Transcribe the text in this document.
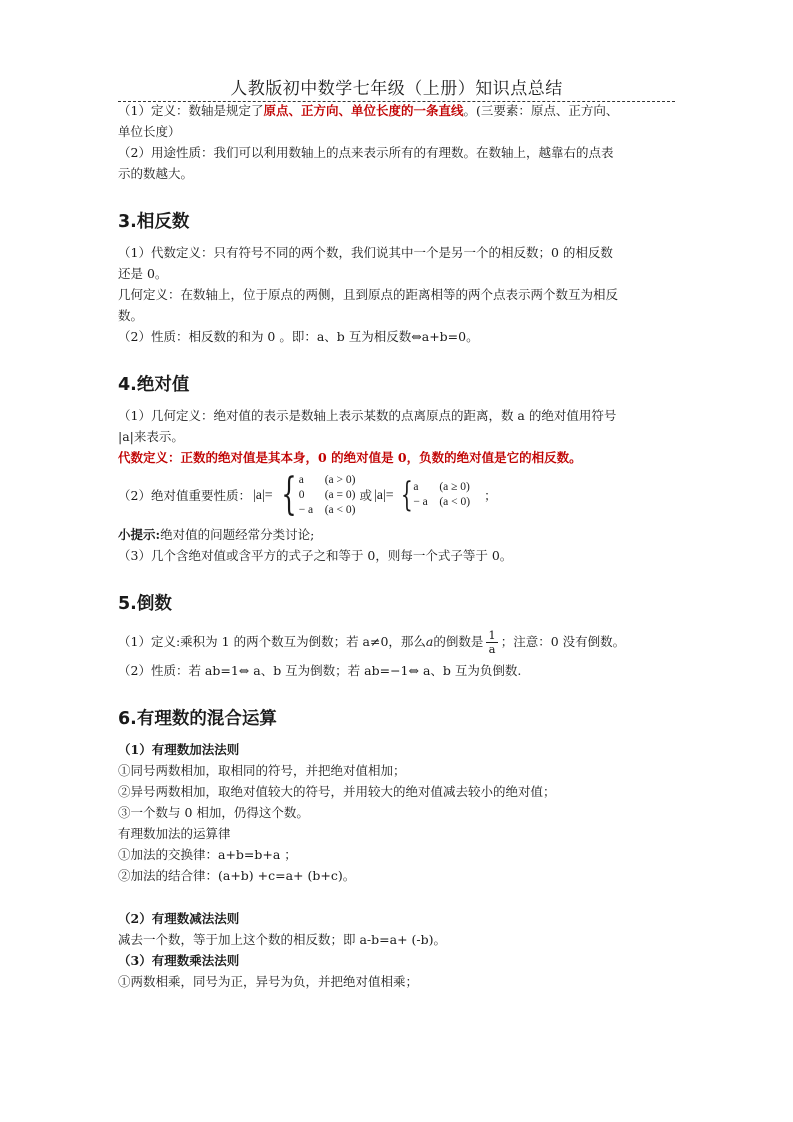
人教版初中数学七年级（上册）知识点总结

（1）定义：数轴是规定了原点、正方向、单位长度的一条直线。(三要素：原点、正方向、

单位长度）

（2）用途性质：我们可以利用数轴上的点来表示所有的有理数。在数轴上，越靠右的点表

示的数越大。

3.相反数

（1）代数定义：只有符号不同的两个数，我们说其中一个是另一个的相反数；0 的相反数

还是 0。

几何定义：在数轴上，位于原点的两侧，且到原点的距离相等的两个点表示两个数互为相反

数。

（2）性质：相反数的和为 0 。即：a、b 互为相反数⇔a+b=0。

4.绝对值

（1）几何定义：绝对值的表示是数轴上表示某数的点离原点的距离，数 a 的绝对值用符号

|a|来表示。

代数定义：正数的绝对值是其本身，0 的绝对值是 0，负数的绝对值是它的相反数。

（2）绝对值重要性质： |a|= { a	(a > 0)
0	(a = 0)
− a	(a < 0)
或 |a|= { a	(a ≥ 0)
− a	(a < 0) ；

小提示:绝对值的问题经常分类讨论;

（3）几个含绝对值或含平方的式子之和等于 0，则每一个式子等于 0。

5.倒数

（1）定义:乘积为 1 的两个数互为倒数；若 a≠0，那么a的倒数是 $\frac{1}{a}$ ；注意：0 没有倒数。

（2）性质：若 ab=1⇔ a、b 互为倒数；若 ab=−1⇔ a、b 互为负倒数.

6.有理数的混合运算

（1）有理数加法法则

①同号两数相加，取相同的符号，并把绝对值相加；

②异号两数相加，取绝对值较大的符号，并用较大的绝对值减去较小的绝对值；

③一个数与 0 相加，仍得这个数。

有理数加法的运算律

①加法的交换律：a+b=b+a ；

②加法的结合律：(a+b) +c=a+ (b+c)。

（2）有理数减法法则

减去一个数，等于加上这个数的相反数；即 a-b=a+ (-b)。

（3）有理数乘法法则

①两数相乘，同号为正，异号为负，并把绝对值相乘；
